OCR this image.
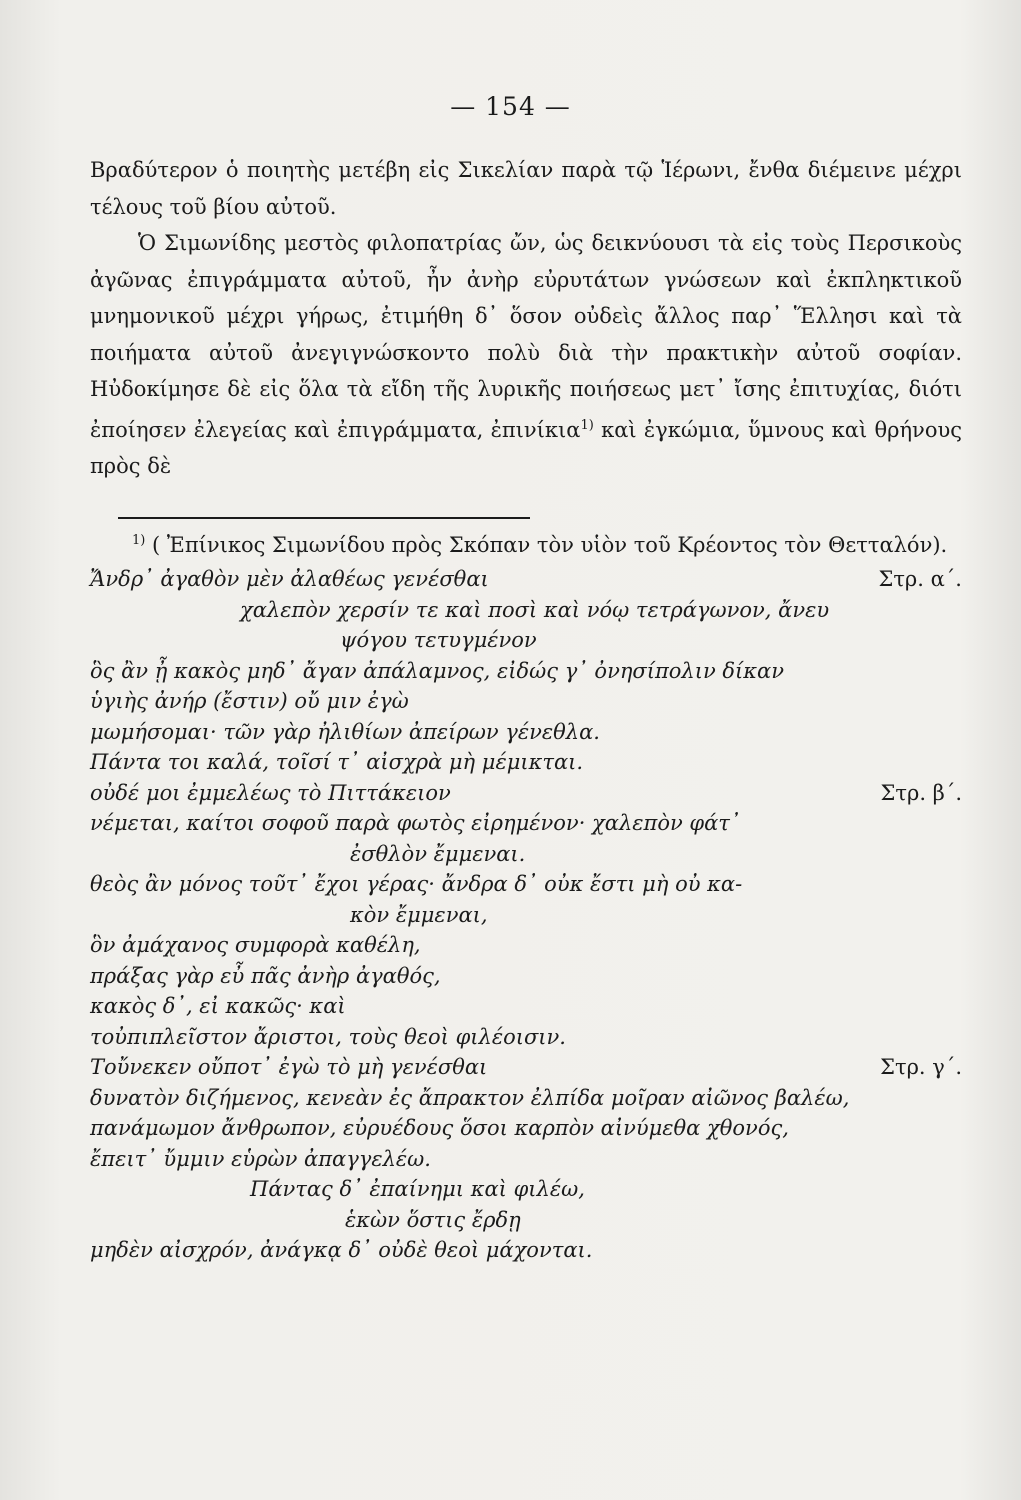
— 154 —

Βραδύτερον ὁ ποιητὴς μετέβη εἰς Σικελίαν παρὰ τῷ Ἱέρωνι, ἔνθα διέμεινε μέχρι τέλους τοῦ βίου αὐτοῦ.

Ὁ Σιμωνίδης μεστὸς φιλοπατρίας ὤν, ὡς δεικνύουσι τὰ εἰς τοὺς Περσικοὺς ἀγῶνας ἐπιγράμματα αὐτοῦ, ἦν ἀνὴρ εὐρυτάτων γνώσεων καὶ ἐκπληκτικοῦ μνημονικοῦ μέχρι γήρως, ἐτιμήθη δ᾽ ὅσον οὐδεὶς ἄλλος παρ᾽ Ἕλλησι καὶ τὰ ποιήματα αὐτοῦ ἀνεγιγνώσκοντο πολὺ διὰ τὴν πρακτικὴν αὐτοῦ σοφίαν. Ηὐδοκίμησε δὲ εἰς ὅλα τὰ εἴδη τῆς λυρικῆς ποιήσεως μετ᾽ ἴσης ἐπιτυχίας, διότι ἐποίησεν ἐλεγείας καὶ ἐπιγράμματα, ἐπινίκια$^{1)}$ καὶ ἐγκώμια, ὕμνους καὶ θρήνους πρὸς δὲ

$^{1)}$ ( Ἐπίνικος Σιμωνίδου πρὸς Σκόπαν τὸν υἱὸν τοῦ Κρέοντος τὸν Θετταλόν).

Ἄνδρ᾽ ἀγαθὸν μὲν ἀλαθέως γενέσθαι	Στρ. α΄.
χαλεπὸν χερσίν τε καὶ ποσὶ καὶ νόῳ τετράγωνον, ἄνευ
ψόγου τετυγμένον
ὃς ἂν ᾖ κακὸς μηδ᾽ ἄγαν ἀπάλαμνος, εἰδώς γ᾽ ὀνησίπολιν δίκαν
ὑγιὴς ἀνήρ (ἔστιν) οὔ μιν ἐγὼ
μωμήσομαι· τῶν γὰρ ἠλιθίων ἀπείρων γένεθλα.
Πάντα τοι καλά, τοῖσί τ᾽ αἰσχρὰ μὴ μέμικται.
οὐδέ μοι ἐμμελέως τὸ Πιττάκειον	Στρ. β΄.
νέμεται, καίτοι σοφοῦ παρὰ φωτὸς εἰρημένον· χαλεπὸν φάτ᾽
ἐσθλὸν ἔμμεναι.
θεὸς ἂν μόνος τοῦτ᾽ ἔχοι γέρας· ἄνδρα δ᾽ οὐκ ἔστι μὴ οὐ κα-
κὸν ἔμμεναι,
ὃν ἀμάχανος συμφορὰ καθέλη,
πράξας γὰρ εὖ πᾶς ἀνὴρ ἀγαθός,
κακὸς δ᾽, εἰ κακῶς· καὶ
τοὐπιπλεῖστον ἄριστοι, τοὺς θεοὶ φιλέοισιν.
Τοὔνεκεν οὔποτ᾽ ἐγὼ τὸ μὴ γενέσθαι	Στρ. γ΄.
δυνατὸν διζήμενος, κενεὰν ἐς ἄπρακτον ἐλπίδα μοῖραν αἰῶνος βαλέω,
πανάμωμον ἄνθρωπον, εὐρυέδους ὅσοι καρπὸν αἰνύμεθα χθονός,
ἔπειτ᾽ ὔμμιν εὑρὼν ἀπαγγελέω.
Πάντας δ᾽ ἐπαίνημι καὶ φιλέω,
ἑκὼν ὅστις ἔρδῃ
μηδὲν αἰσχρόν, ἀνάγκᾳ δ᾽ οὐδὲ θεοὶ μάχονται.
